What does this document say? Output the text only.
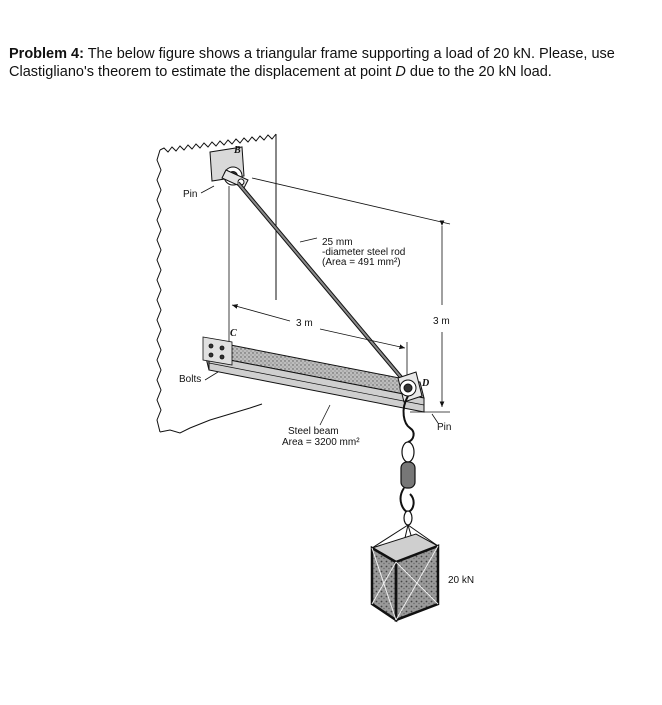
Problem 4: The below figure shows a triangular frame supporting a load of 20 kN. Please, use Clastigliano's theorem to estimate the displacement at point D due to the 20 kN load.
B
C
D
Pin
Pin
Bolts
25 mm
-diameter steel rod
(Area = 491 mm²)
3 m	3 m
Steel beam
Area = 3200 mm²
20 kN
